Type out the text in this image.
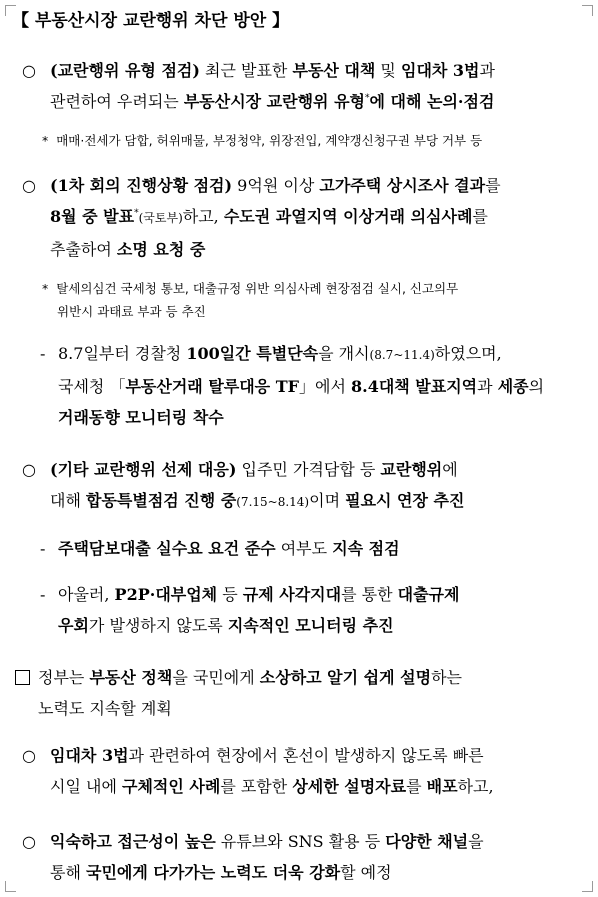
【 부동산시장 교란행위 차단 방안 】
○ (교란행위 유형 점검) 최근 발표한 부동산 대책 및 임대차 3법과
관련하여 우려되는 부동산시장 교란행위 유형*에 대해 논의·점검
* 매매·전세가 담합, 허위매물, 부정청약, 위장전입, 계약갱신청구권 부당 거부 등
○ (1차 회의 진행상황 점검) 9억원 이상 고가주택 상시조사 결과를
8월 중 발표*(국토부)하고, 수도권 과열지역 이상거래 의심사례를
추출하여 소명 요청 중
* 탈세의심건 국세청 통보, 대출규정 위반 의심사례 현장점검 실시, 신고의무
위반시 과태료 부과 등 추진
- 8.7일부터 경찰청 100일간 특별단속을 개시(8.7~11.4)하였으며,
국세청 「부동산거래 탈루대응 TF」에서 8.4대책 발표지역과 세종의
거래동향 모니터링 착수
○ (기타 교란행위 선제 대응) 입주민 가격담합 등 교란행위에
대해 합동특별점검 진행 중(7.15~8.14)이며 필요시 연장 추진
- 주택담보대출 실수요 요건 준수 여부도 지속 점검
- 아울러, P2P·대부업체 등 규제 사각지대를 통한 대출규제
우회가 발생하지 않도록 지속적인 모니터링 추진
정부는 부동산 정책을 국민에게 소상하고 알기 쉽게 설명하는
노력도 지속할 계획
○ 임대차 3법과 관련하여 현장에서 혼선이 발생하지 않도록 빠른
시일 내에 구체적인 사례를 포함한 상세한 설명자료를 배포하고,
○ 익숙하고 접근성이 높은 유튜브와 SNS 활용 등 다양한 채널을
통해 국민에게 다가가는 노력도 더욱 강화할 예정
